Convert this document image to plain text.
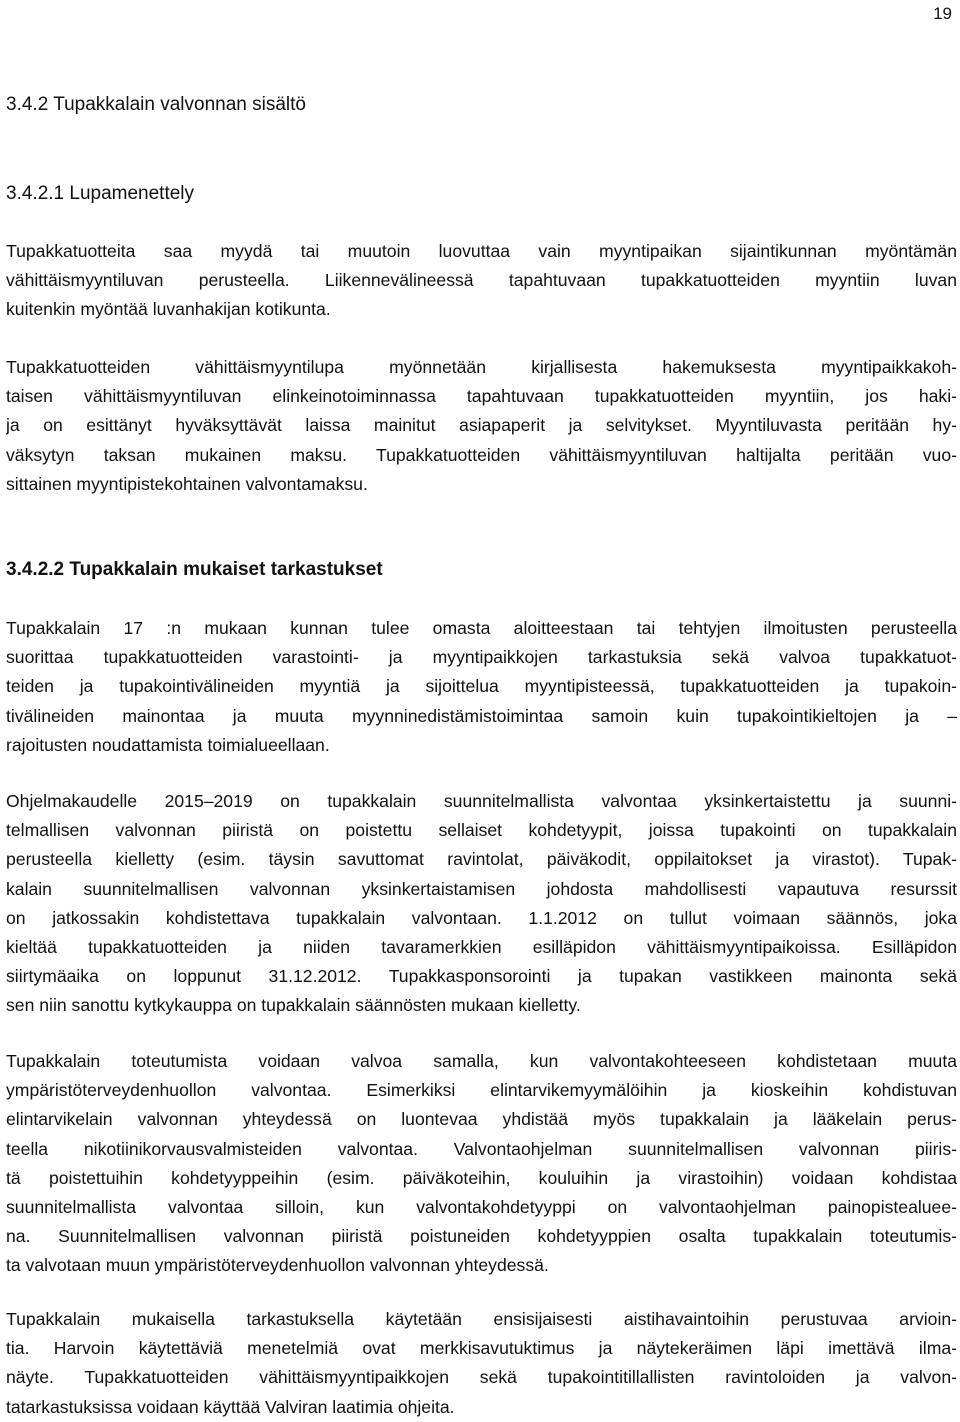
19
3.4.2 Tupakkalain valvonnan sisältö
3.4.2.1 Lupamenettely
Tupakkatuotteita saa myydä tai muutoin luovuttaa vain myyntipaikan sijaintikunnan myöntämän
vähittäismyyntiluvan perusteella. Liikennevälineessä tapahtuvaan tupakkatuotteiden myyntiin luvan
kuitenkin myöntää luvanhakijan kotikunta.
Tupakkatuotteiden vähittäismyyntilupa myönnetään kirjallisesta hakemuksesta myyntipaikkakoh-
taisen vähittäismyyntiluvan elinkeinotoiminnassa tapahtuvaan tupakkatuotteiden myyntiin, jos haki-
ja on esittänyt hyväksyttävät laissa mainitut asiapaperit ja selvitykset. Myyntiluvasta peritään hy-
väksytyn taksan mukainen maksu. Tupakkatuotteiden vähittäismyyntiluvan haltijalta peritään vuo-
sittainen myyntipistekohtainen valvontamaksu.
3.4.2.2 Tupakkalain mukaiset tarkastukset
Tupakkalain 17 :n mukaan kunnan tulee omasta aloitteestaan tai tehtyjen ilmoitusten perusteella
suorittaa tupakkatuotteiden varastointi- ja myyntipaikkojen tarkastuksia sekä valvoa tupakkatuot-
teiden ja tupakointivälineiden myyntiä ja sijoittelua myyntipisteessä, tupakkatuotteiden ja tupakoin-
tivälineiden mainontaa ja muuta myynninedistämistoimintaa samoin kuin tupakointikieltojen ja –
rajoitusten noudattamista toimialueellaan.
Ohjelmakaudelle 2015–2019 on tupakkalain suunnitelmallista valvontaa yksinkertaistettu ja suunni-
telmallisen valvonnan piiristä on poistettu sellaiset kohdetyypit, joissa tupakointi on tupakkalain
perusteella kielletty (esim. täysin savuttomat ravintolat, päiväkodit, oppilaitokset ja virastot). Tupak-
kalain suunnitelmallisen valvonnan yksinkertaistamisen johdosta mahdollisesti vapautuva resurssit
on jatkossakin kohdistettava tupakkalain valvontaan. 1.1.2012 on tullut voimaan säännös, joka
kieltää tupakkatuotteiden ja niiden tavaramerkkien esilläpidon vähittäismyyntipaikoissa. Esilläpidon
siirtymäaika on loppunut 31.12.2012. Tupakkasponsorointi ja tupakan vastikkeen mainonta sekä
sen niin sanottu kytkykauppa on tupakkalain säännösten mukaan kielletty.
Tupakkalain toteutumista voidaan valvoa samalla, kun valvontakohteeseen kohdistetaan muuta
ympäristöterveydenhuollon valvontaa. Esimerkiksi elintarvikemyymälöihin ja kioskeihin kohdistuvan
elintarvikelain valvonnan yhteydessä on luontevaa yhdistää myös tupakkalain ja lääkelain perus-
teella nikotiinikorvausvalmisteiden valvontaa. Valvontaohjelman suunnitelmallisen valvonnan piiris-
tä poistettuihin kohdetyyppeihin (esim. päiväkoteihin, kouluihin ja virastoihin) voidaan kohdistaa
suunnitelmallista valvontaa silloin, kun valvontakohdetyyppi on valvontaohjelman painopistealuee-
na. Suunnitelmallisen valvonnan piiristä poistuneiden kohdetyyppien osalta tupakkalain toteutumis-
ta valvotaan muun ympäristöterveydenhuollon valvonnan yhteydessä.
Tupakkalain mukaisella tarkastuksella käytetään ensisijaisesti aistihavaintoihin perustuvaa arvioin-
tia. Harvoin käytettäviä menetelmiä ovat merkkisavutuktimus ja näytekeräimen läpi imettävä ilma-
näyte. Tupakkatuotteiden vähittäismyyntipaikkojen sekä tupakointitillallisten ravintoloiden ja valvon-
tatarkastuksissa voidaan käyttää Valviran laatimia ohjeita.
